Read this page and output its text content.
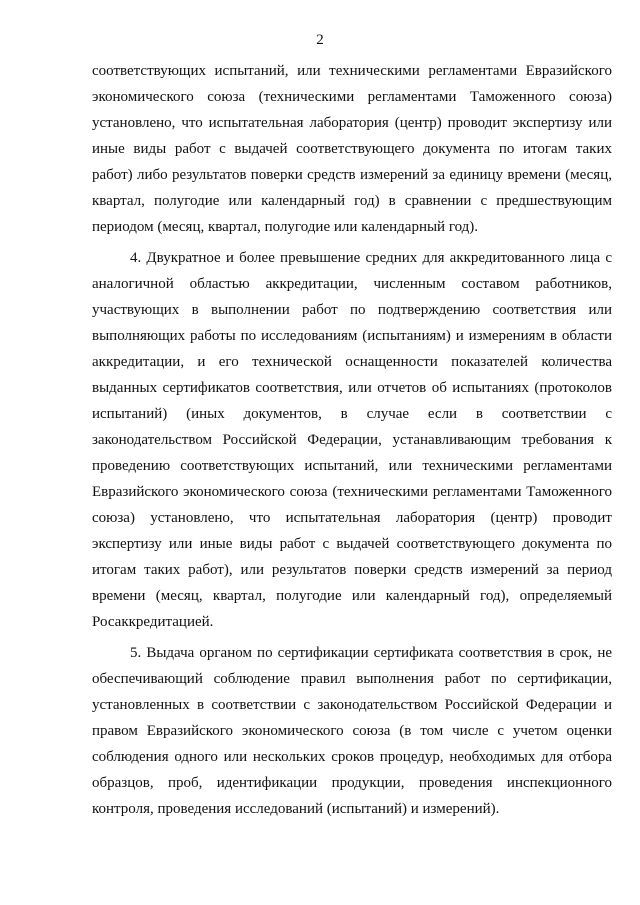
2

соответствующих испытаний, или техническими регламентами Евразийского экономического союза (техническими регламентами Таможенного союза) установлено, что испытательная лаборатория (центр) проводит экспертизу или иные виды работ с выдачей соответствующего документа по итогам таких работ) либо результатов поверки средств измерений за единицу времени (месяц, квартал, полугодие или календарный год) в сравнении с предшествующим периодом (месяц, квартал, полугодие или календарный год).

4. Двукратное и более превышение средних для аккредитованного лица с аналогичной областью аккредитации, численным составом работников, участвующих в выполнении работ по подтверждению соответствия или выполняющих работы по исследованиям (испытаниям) и измерениям в области аккредитации, и его технической оснащенности показателей количества выданных сертификатов соответствия, или отчетов об испытаниях (протоколов испытаний) (иных документов, в случае если в соответствии с законодательством Российской Федерации, устанавливающим требования к проведению соответствующих испытаний, или техническими регламентами Евразийского экономического союза (техническими регламентами Таможенного союза) установлено, что испытательная лаборатория (центр) проводит экспертизу или иные виды работ с выдачей соответствующего документа по итогам таких работ), или результатов поверки средств измерений за период времени (месяц, квартал, полугодие или календарный год), определяемый Росаккредитацией.

5. Выдача органом по сертификации сертификата соответствия в срок, не обеспечивающий соблюдение правил выполнения работ по сертификации, установленных в соответствии с законодательством Российской Федерации и правом Евразийского экономического союза (в том числе с учетом оценки соблюдения одного или нескольких сроков процедур, необходимых для отбора образцов, проб, идентификации продукции, проведения инспекционного контроля, проведения исследований (испытаний) и измерений).
